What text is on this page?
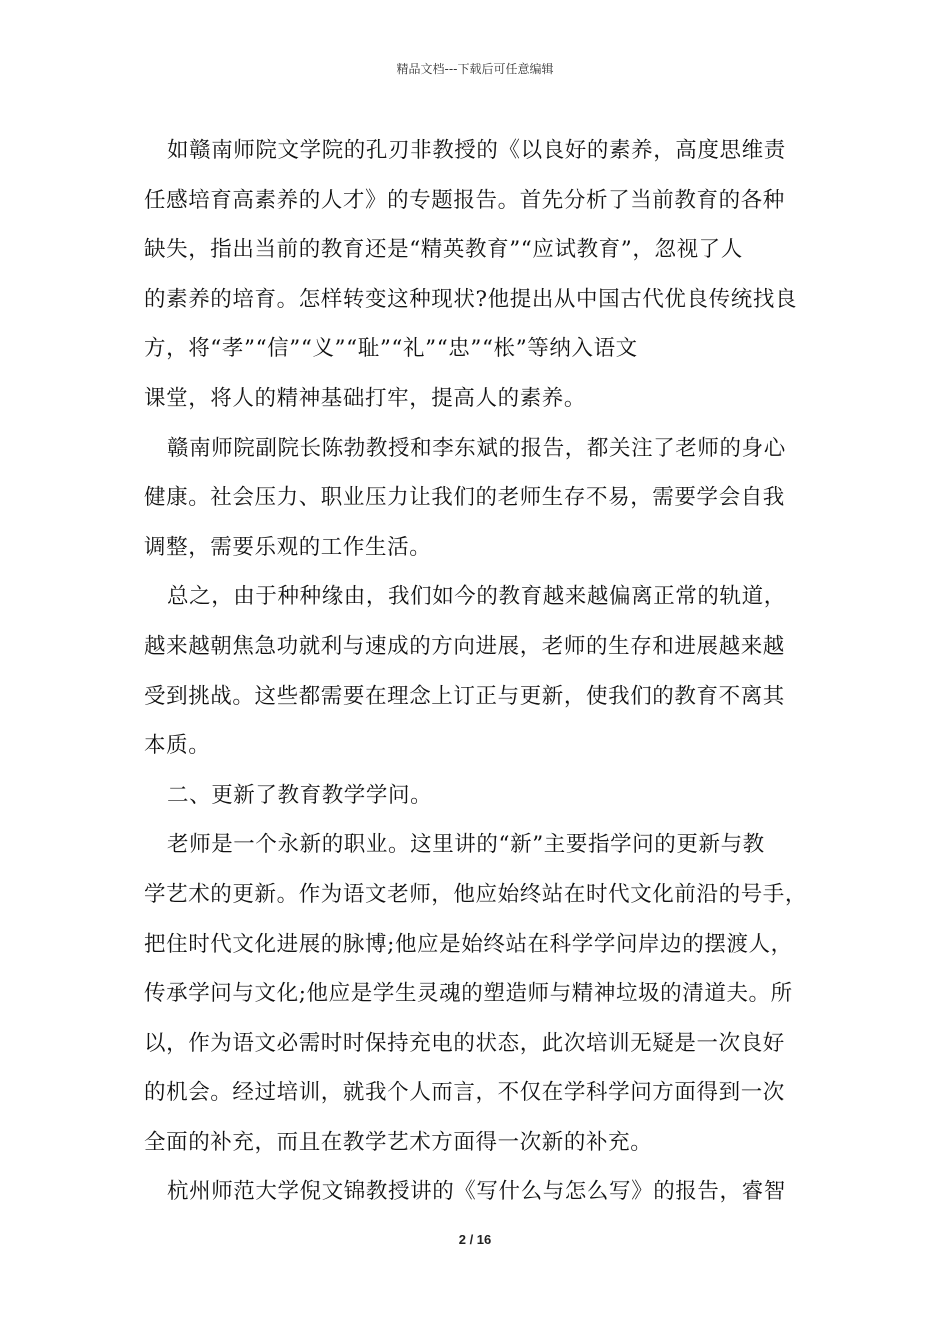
精品文档---下载后可任意编辑
如赣南师院文学院的孔刃非教授的《以良好的素养，高度思维责
任感培育高素养的人才》的专题报告。首先分析了当前教育的各种
缺失，指出当前的教育还是“精英教育”“应试教育”，忽视了人
的素养的培育。怎样转变这种现状?他提出从中国古代优良传统找良
方，将“孝”“信”“义”“耻”“礼”“忠”“枨”等纳入语文
课堂，将人的精神基础打牢，提高人的素养。
赣南师院副院长陈勃教授和李东斌的报告，都关注了老师的身心
健康。社会压力、职业压力让我们的老师生存不易，需要学会自我
调整，需要乐观的工作生活。
总之，由于种种缘由，我们如今的教育越来越偏离正常的轨道，
越来越朝焦急功就利与速成的方向进展，老师的生存和进展越来越
受到挑战。这些都需要在理念上订正与更新，使我们的教育不离其
本质。
二、更新了教育教学学问。
老师是一个永新的职业。这里讲的“新”主要指学问的更新与教
学艺术的更新。作为语文老师，他应始终站在时代文化前沿的号手，
把住时代文化进展的脉博;他应是始终站在科学学问岸边的摆渡人，
传承学问与文化;他应是学生灵魂的塑造师与精神垃圾的清道夫。所
以，作为语文必需时时保持充电的状态，此次培训无疑是一次良好
的机会。经过培训，就我个人而言，不仅在学科学问方面得到一次
全面的补充，而且在教学艺术方面得一次新的补充。
杭州师范大学倪文锦教授讲的《写什么与怎么写》的报告，睿智
2 / 16
